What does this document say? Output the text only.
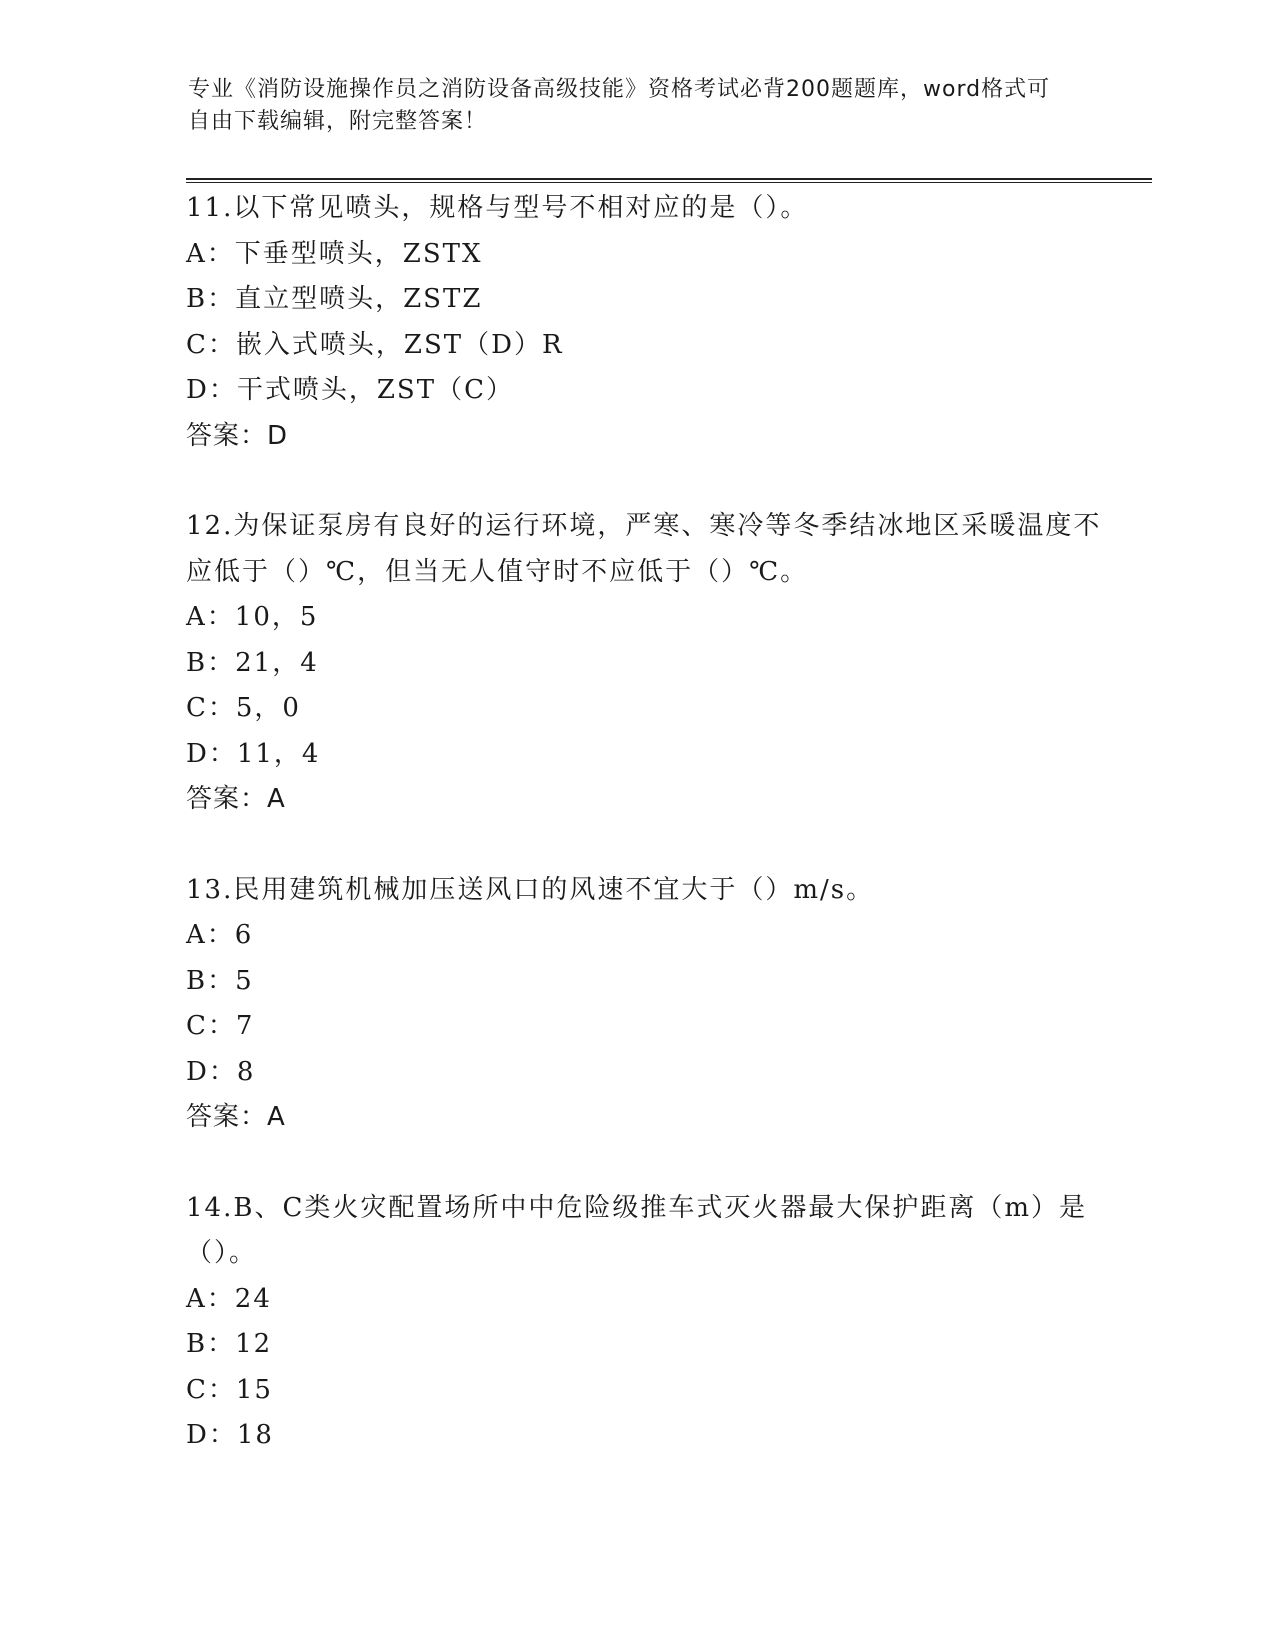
专业《消防设施操作员之消防设备高级技能》资格考试必背200题题库，word格式可自由下载编辑，附完整答案！

11.以下常见喷头，规格与型号不相对应的是（）。

A：下垂型喷头，ZSTX

B：直立型喷头，ZSTZ

C：嵌入式喷头，ZST（D）R

D：干式喷头，ZST（C）

答案：D

12.为保证泵房有良好的运行环境，严寒、寒冷等冬季结冰地区采暖温度不应低于（）℃，但当无人值守时不应低于（）℃。

A：10，5

B：21，4

C：5，0

D：11，4

答案：A

13.民用建筑机械加压送风口的风速不宜大于（）m/s。

A：6

B：5

C：7

D：8

答案：A

14.B、C类火灾配置场所中中危险级推车式灭火器最大保护距离（m）是（）。

A：24

B：12

C：15

D：18
